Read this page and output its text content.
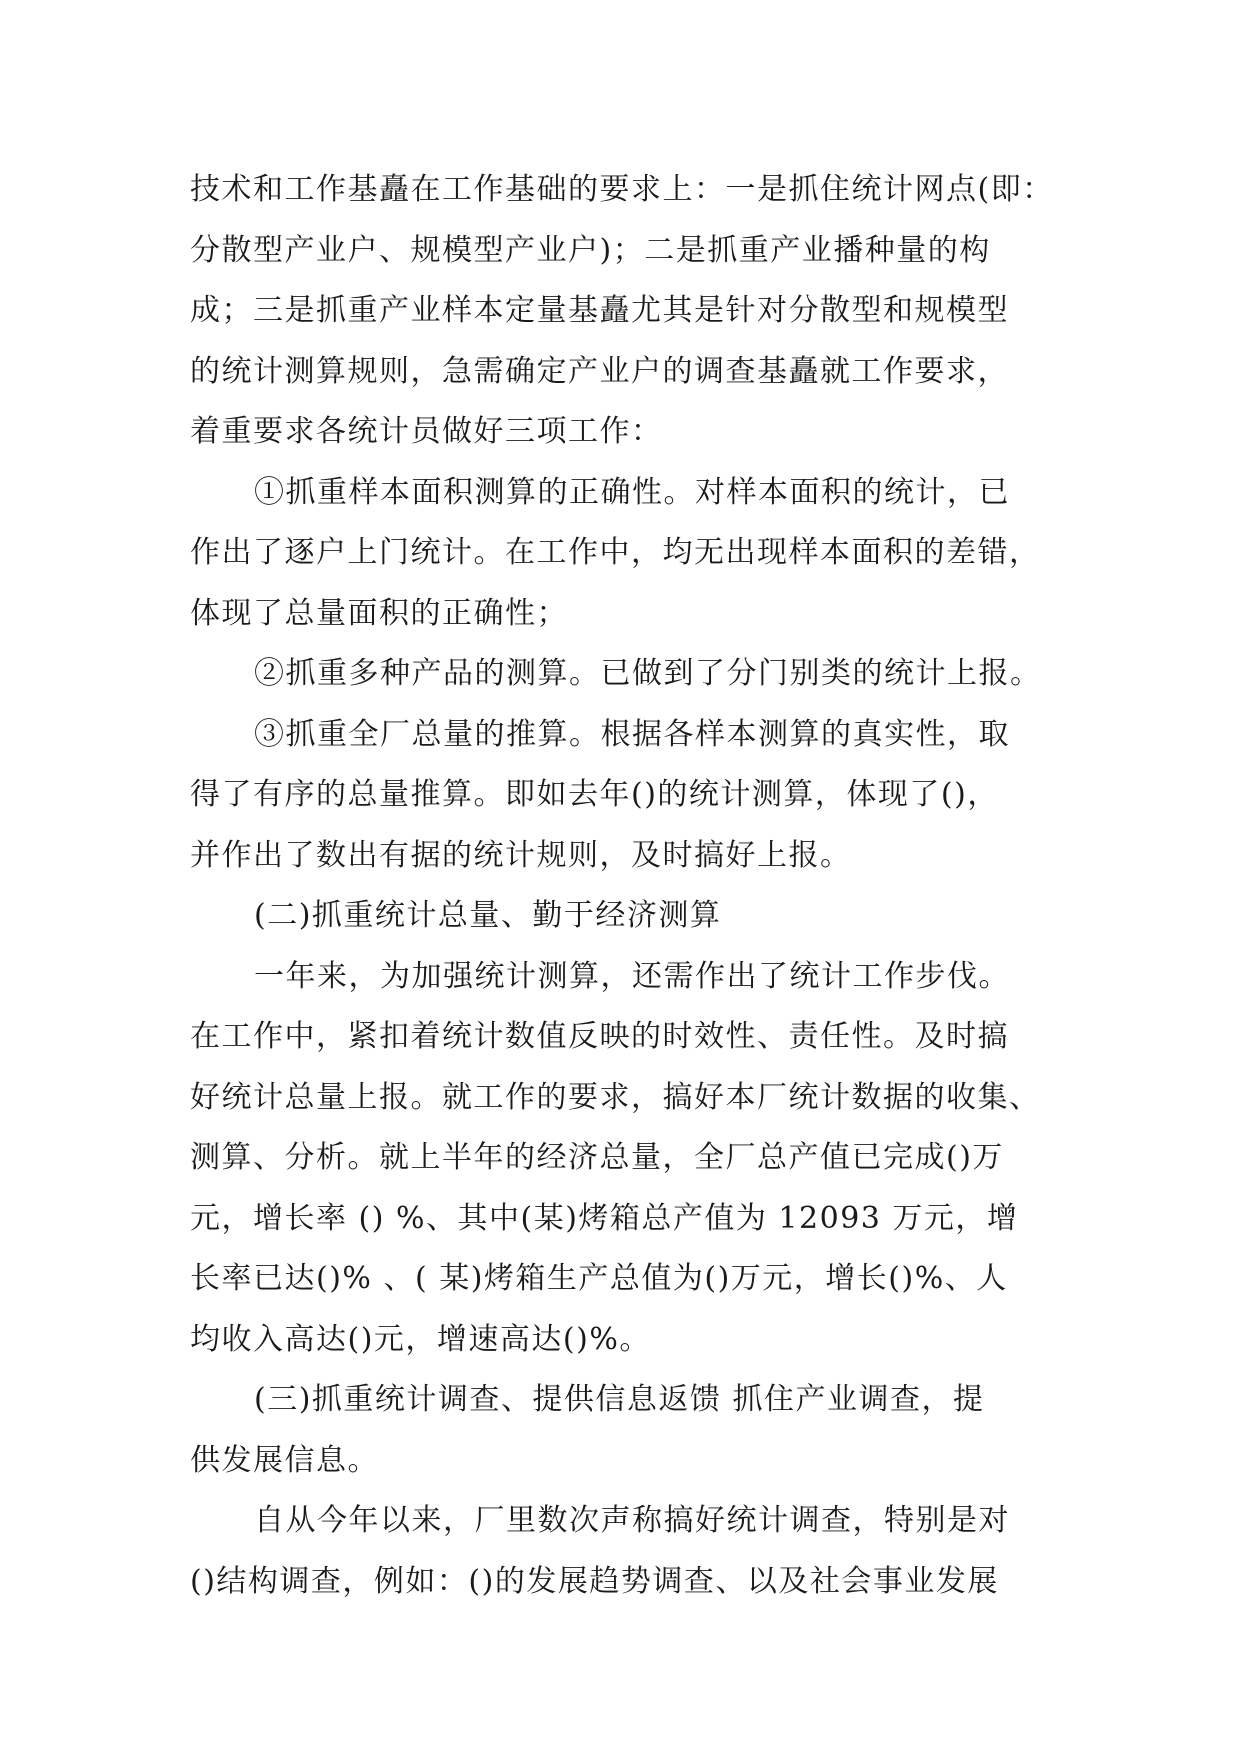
技术和工作基矗在工作基础的要求上：一是抓住统计网点(即：
分散型产业户、规模型产业户)；二是抓重产业播种量的构
成；三是抓重产业样本定量基矗尤其是针对分散型和规模型
的统计测算规则，急需确定产业户的调查基矗就工作要求，
着重要求各统计员做好三项工作：
①抓重样本面积测算的正确性。对样本面积的统计，已
作出了逐户上门统计。在工作中，均无出现样本面积的差错，
体现了总量面积的正确性；
②抓重多种产品的测算。已做到了分门别类的统计上报。
③抓重全厂总量的推算。根据各样本测算的真实性，取
得了有序的总量推算。即如去年()的统计测算，体现了()，
并作出了数出有据的统计规则，及时搞好上报。
(二)抓重统计总量、勤于经济测算
一年来，为加强统计测算，还需作出了统计工作步伐。
在工作中，紧扣着统计数值反映的时效性、责任性。及时搞
好统计总量上报。就工作的要求，搞好本厂统计数据的收集、
测算、分析。就上半年的经济总量，全厂总产值已完成()万
元，增长率 () %、其中(某)烤箱总产值为 12093 万元，增
长率已达()% 、( 某)烤箱生产总值为()万元，增长()%、人
均收入高达()元，增速高达()%。
(三)抓重统计调查、提供信息返馈 抓住产业调查，提
供发展信息。
自从今年以来，厂里数次声称搞好统计调查，特别是对
()结构调查，例如：()的发展趋势调查、以及社会事业发展
